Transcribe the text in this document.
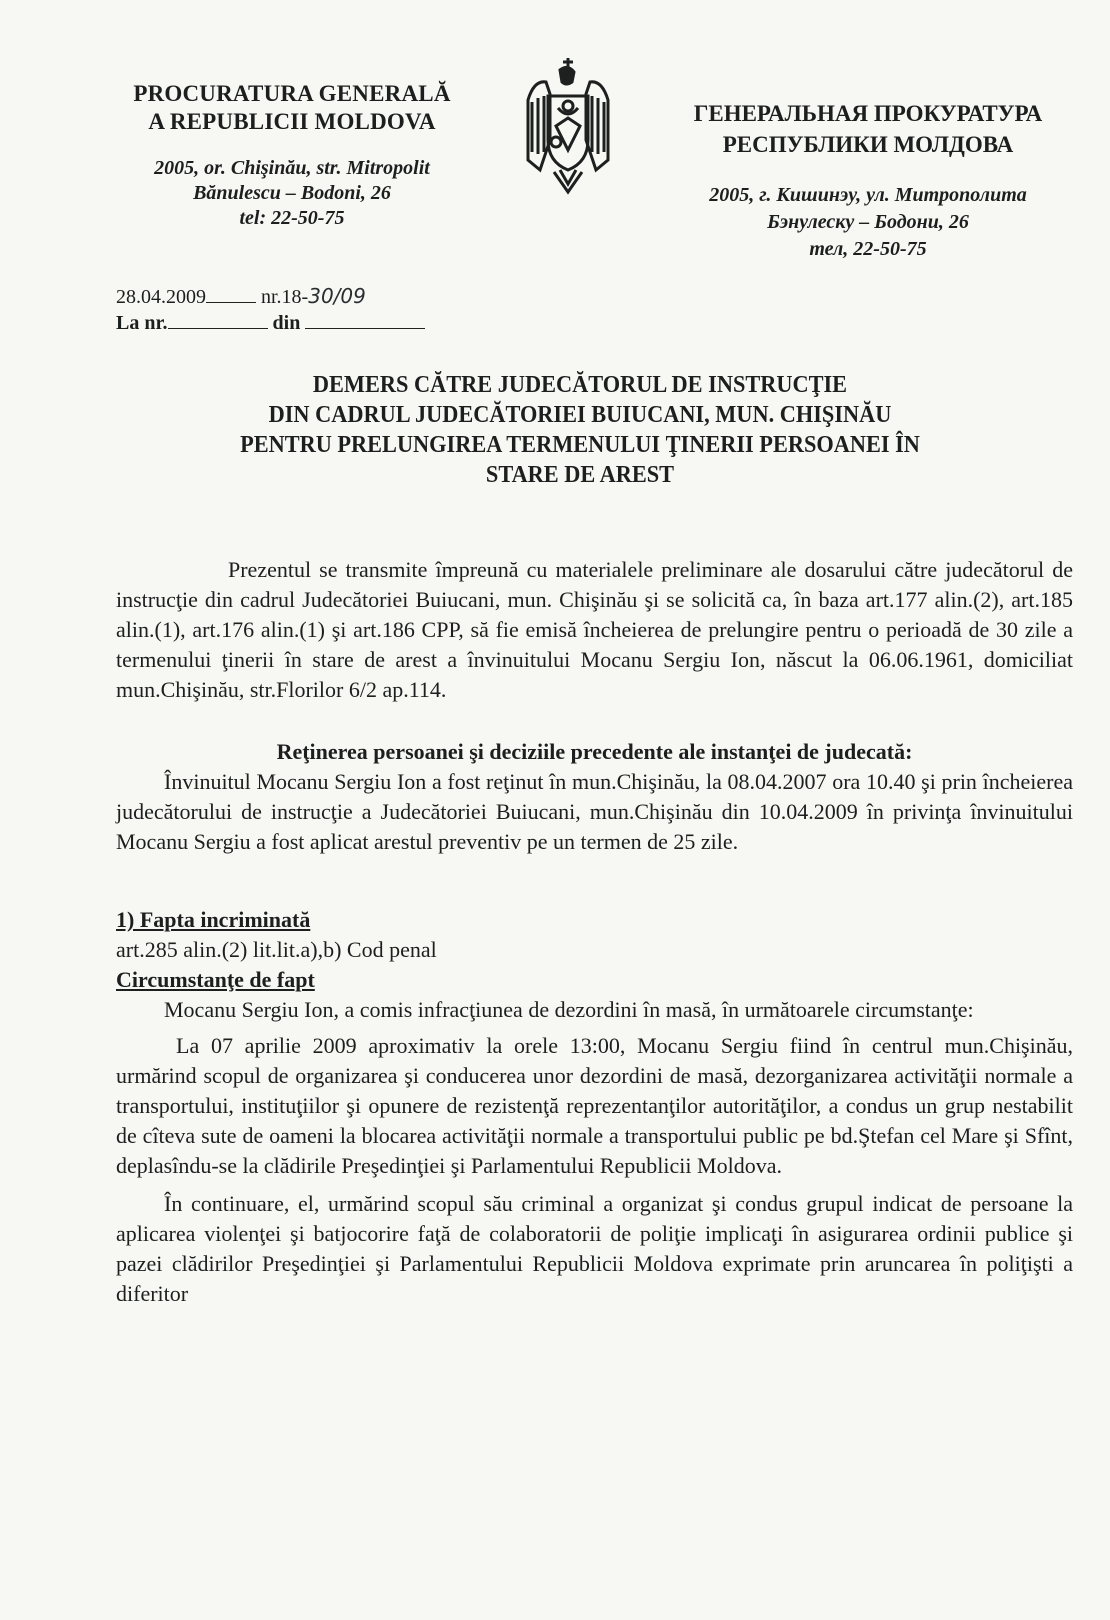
PROCURATURA GENERALĂ
A REPUBLICII MOLDOVA
2005, or. Chişinău, str. Mitropolit
Bănulescu – Bodoni, 26
tel: 22-50-75
ГЕНЕРАЛЬНАЯ ПРОКУРАТУРА
РЕСПУБЛИКИ МОЛДОВА
2005, г. Кишинэу, ул. Митрополита
Бэнулеску – Бодони, 26
тел, 22-50-75
28.04.2009	nr.18-30/09
La nr.	din
DEMERS CĂTRE JUDECĂTORUL DE INSTRUCŢIE
DIN CADRUL JUDECĂTORIEI BUIUCANI, MUN. CHIŞINĂU
PENTRU PRELUNGIREA TERMENULUI ŢINERII PERSOANEI ÎN
STARE DE AREST

Prezentul se transmite împreună cu materialele preliminare ale dosarului către judecătorul de instrucţie din cadrul Judecătoriei Buiucani, mun. Chişinău şi se solicită ca, în baza art.177 alin.(2), art.185 alin.(1), art.176 alin.(1) şi art.186 CPP, să fie emisă încheierea de prelungire pentru o perioadă de 30 zile a termenului ţinerii în stare de arest a învinuitului Mocanu Sergiu Ion, născut la 06.06.1961, domiciliat mun.Chişinău, str.Florilor 6/2 ap.114.

Reţinerea persoanei şi deciziile precedente ale instanţei de judecată:

Învinuitul Mocanu Sergiu Ion a fost reţinut în mun.Chişinău, la 08.04.2007 ora 10.40 şi prin încheierea judecătorului de instrucţie a Judecătoriei Buiucani, mun.Chişinău din 10.04.2009 în privinţa învinuitului Mocanu Sergiu a fost aplicat arestul preventiv pe un termen de 25 zile.

1) Fapta incriminată

art.285 alin.(2) lit.lit.a),b) Cod penal

Circumstanţe de fapt

Mocanu Sergiu Ion, a comis infracţiunea de dezordini în masă, în următoarele circumstanţe:

La 07 aprilie 2009 aproximativ la orele 13:00, Mocanu Sergiu fiind în centrul mun.Chişinău, urmărind scopul de organizarea şi conducerea unor dezordini de masă, dezorganizarea activităţii normale a transportului, instituţiilor şi opunere de rezistenţă reprezentanţilor autorităţilor, a condus un grup nestabilit de cîteva sute de oameni la blocarea activităţii normale a transportului public pe bd.Ştefan cel Mare şi Sfînt, deplasîndu-se la clădirile Preşedinţiei şi Parlamentului Republicii Moldova.

În continuare, el, urmărind scopul său criminal a organizat şi condus grupul indicat de persoane la aplicarea violenţei şi batjocorire faţă de colaboratorii de poliţie implicaţi în asigurarea ordinii publice şi pazei clădirilor Preşedinţiei şi Parlamentului Republicii Moldova exprimate prin aruncarea în poliţişti a diferitor
